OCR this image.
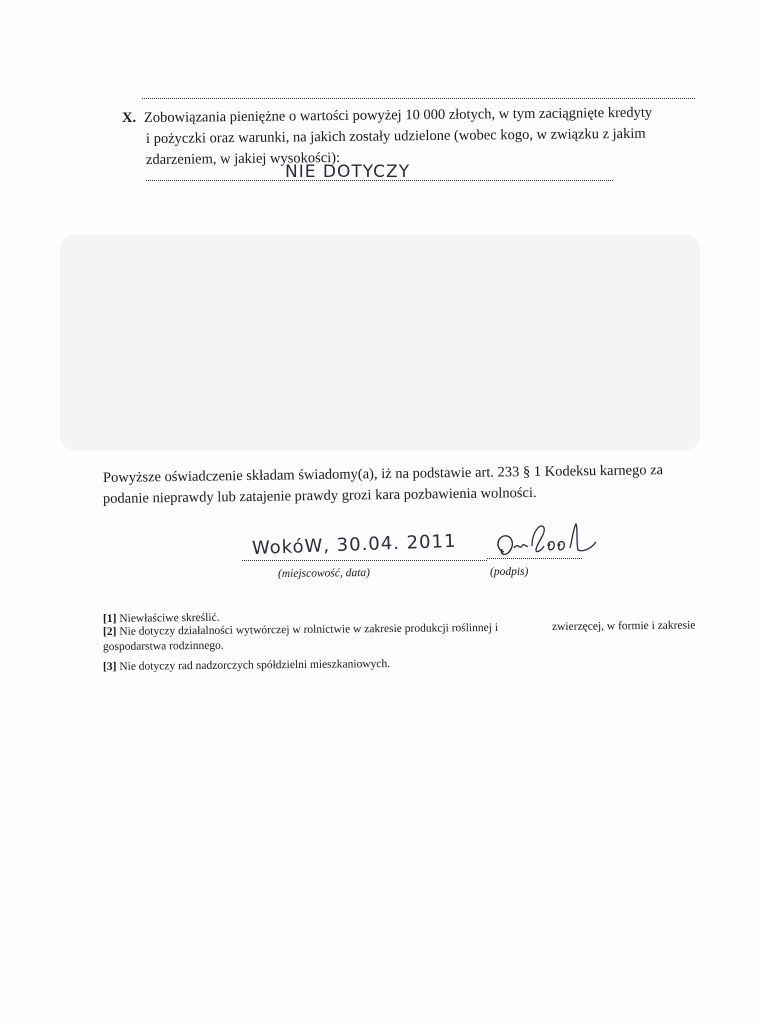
X. Zobowiązania pieniężne o wartości powyżej 10 000 złotych, w tym zaciągnięte kredyty
i pożyczki oraz warunki, na jakich zostały udzielone (wobec kogo, w związku z jakim
zdarzeniem, w jakiej wysokości):
NIE DOTYCZY
Powyższe oświadczenie składam świadomy(a), iż na podstawie art. 233 § 1 Kodeksu karnego za
podanie nieprawdy lub zatajenie prawdy grozi kara pozbawienia wolności.
WokóW, 30.04. 2011
(miejscowość, data)	(podpis)
[1] Niewłaściwe skreślić.
[2] Nie dotyczy działalności wytwórczej w rolnictwie w zakresie produkcji roślinnej i	zwierzęcej, w formie i zakresie
gospodarstwa rodzinnego.
[3] Nie dotyczy rad nadzorczych spółdzielni mieszkaniowych.
